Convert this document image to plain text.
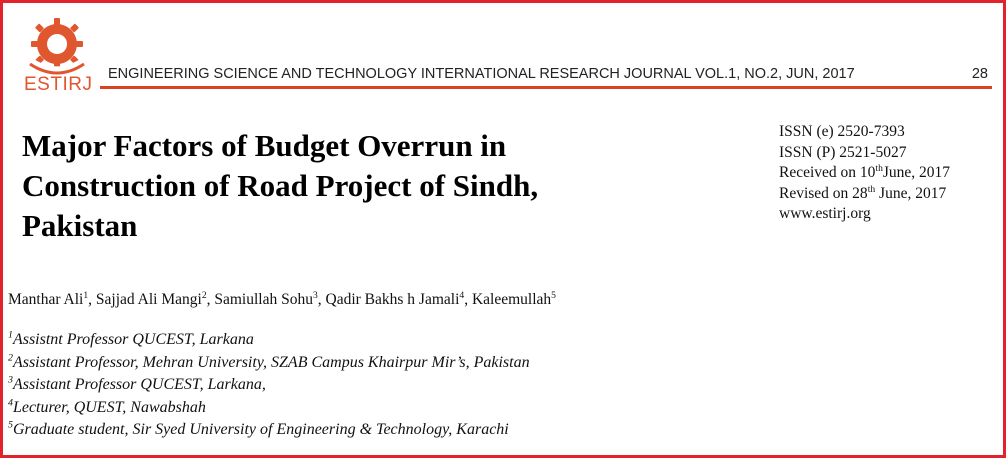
ESTIRJ ENGINEERING SCIENCE AND TECHNOLOGY INTERNATIONAL RESEARCH JOURNAL VOL.1, NO.2, JUN, 2017	28
Major Factors of Budget Overrun in
Construction of Road Project of Sindh,
Pakistan
ISSN (e) 2520-7393
ISSN (P) 2521-5027
Received on 10thJune, 2017
Revised on 28th June, 2017
www.estirj.org
Manthar Ali$^1$, Sajjad Ali Mangi$^2$, Samiullah Sohu$^3$, Qadir Bakhs h Jamali$^4$, Kaleemullah$^5$
$^1$Assistnt Professor QUCEST, Larkana
$^2$Assistant Professor, Mehran University, SZAB Campus Khairpur Mir’s, Pakistan
$^3$Assistant Professor QUCEST, Larkana,
$^4$Lecturer, QUEST, Nawabshah
$^5$Graduate student, Sir Syed University of Engineering & Technology, Karachi
